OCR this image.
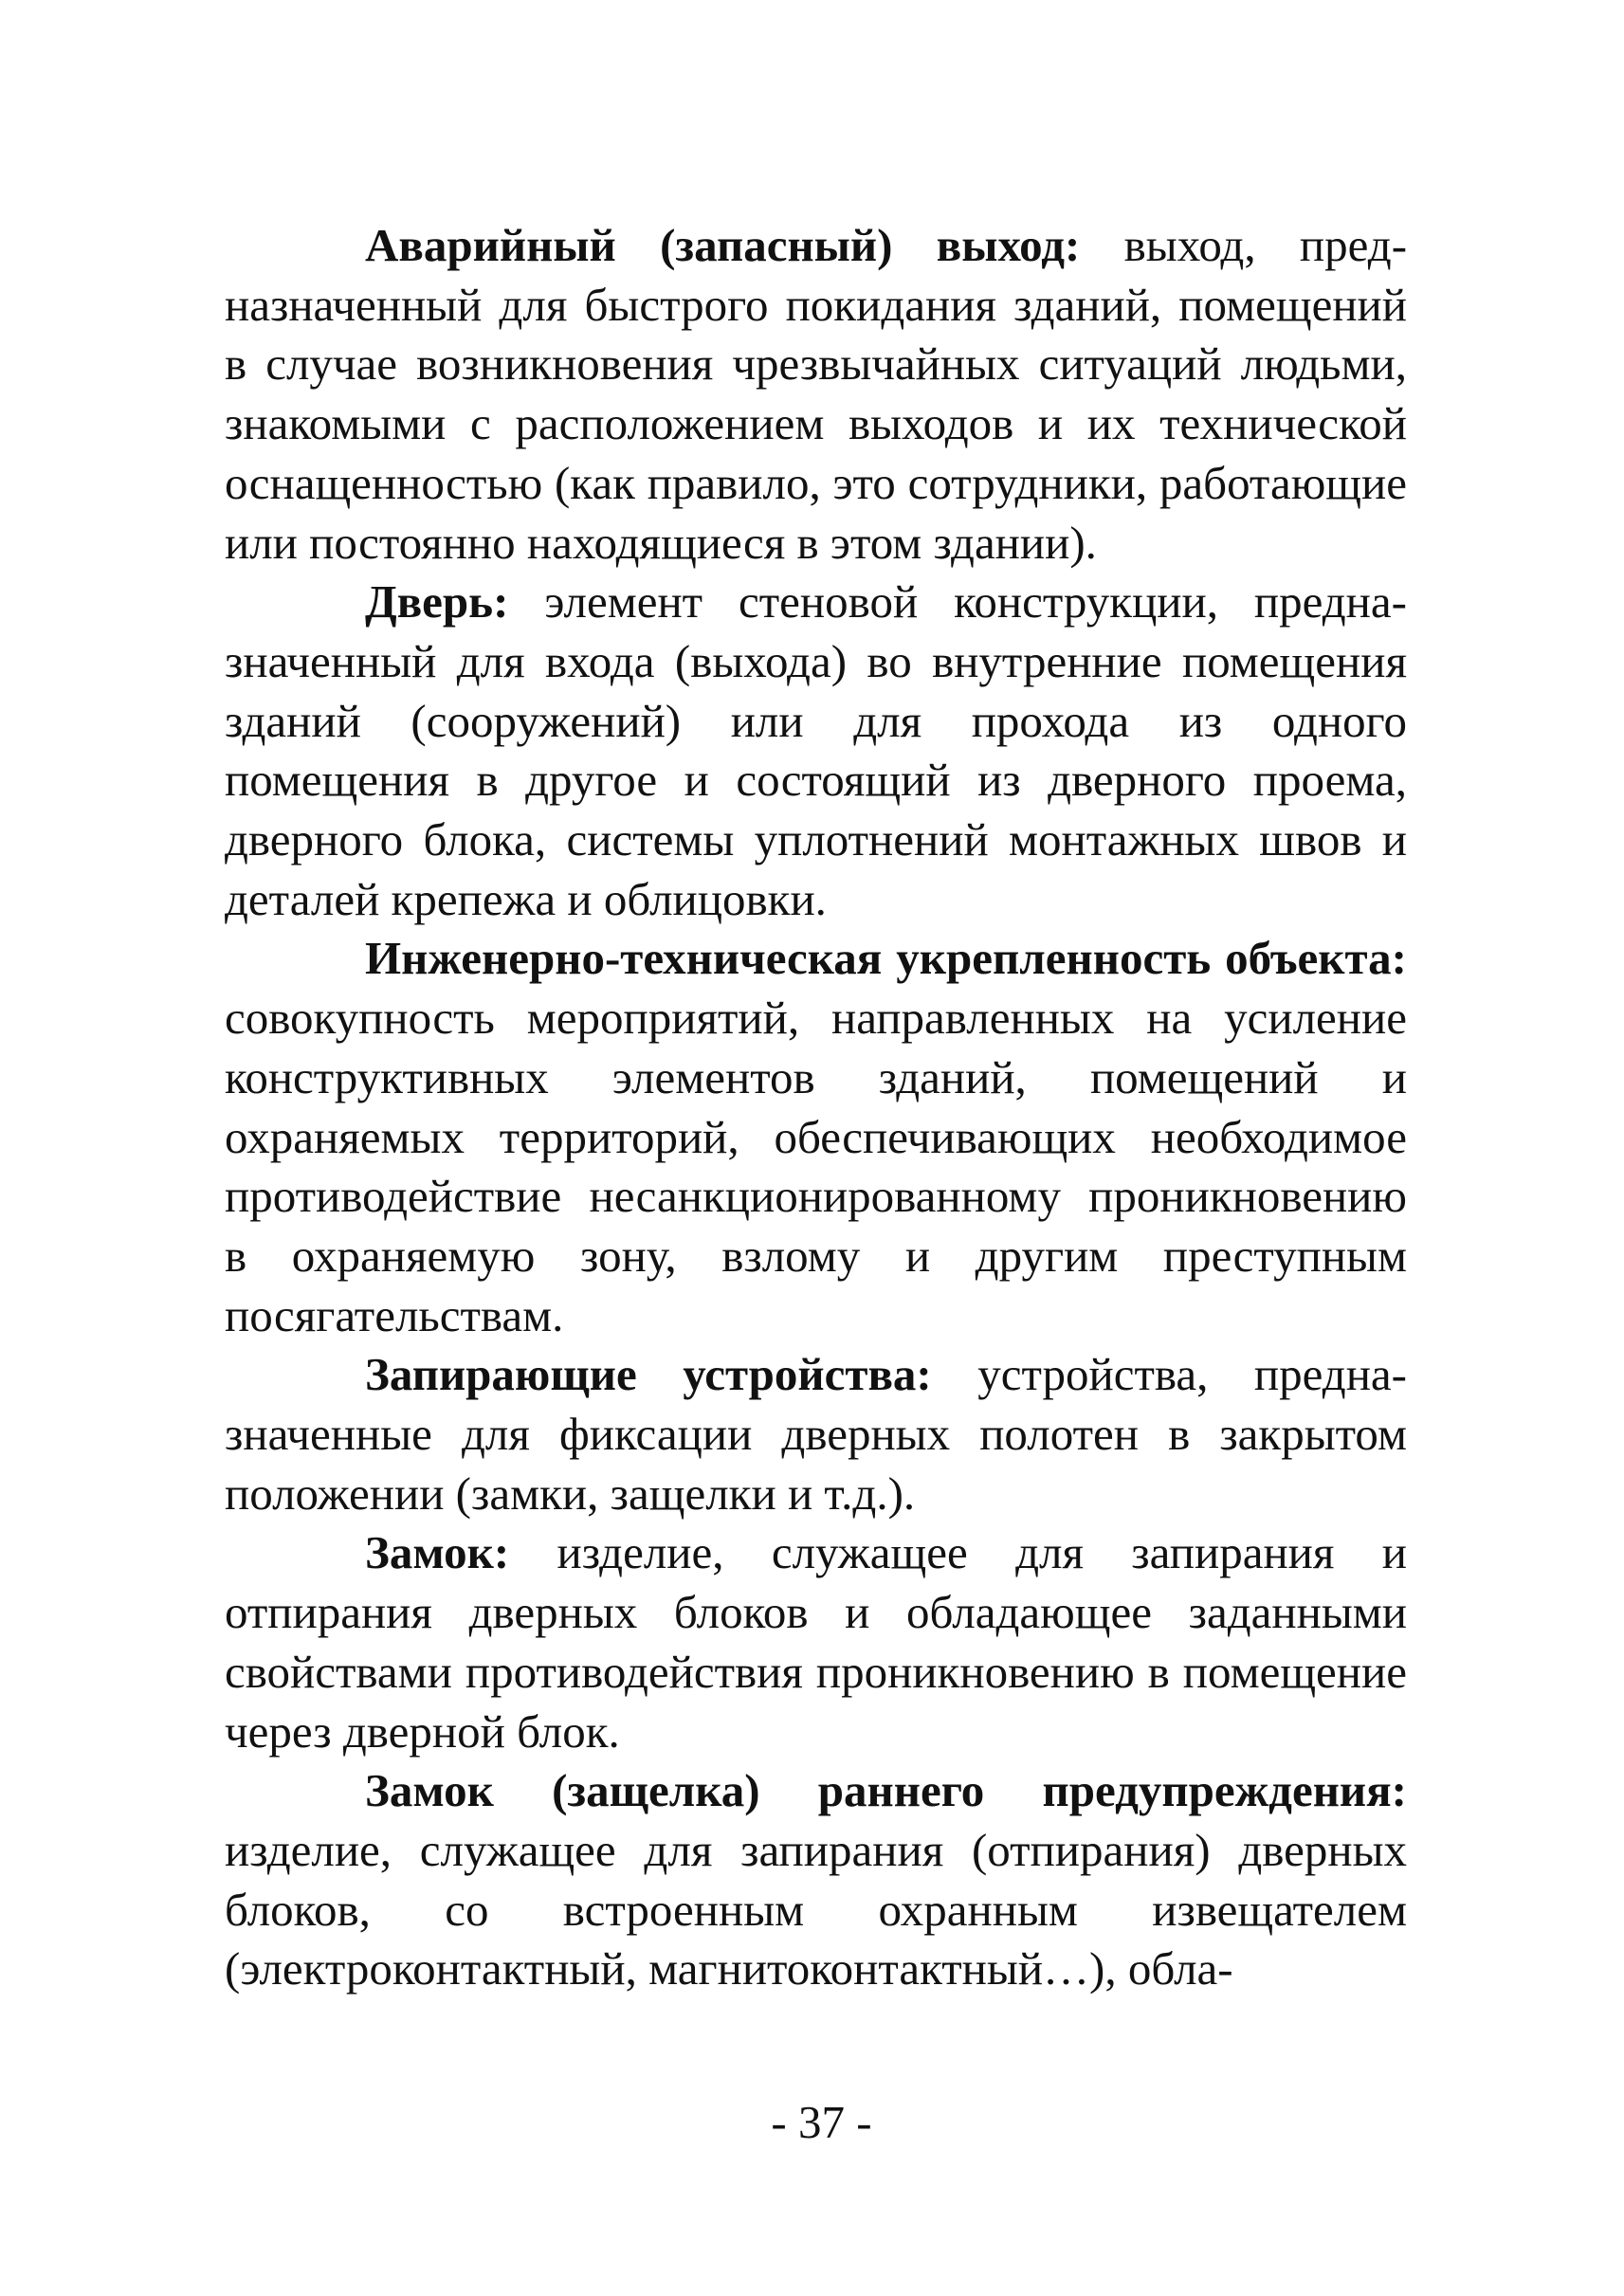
Аварийный (запасный) выход: выход, предназначенный для быстрого покидания зданий, помещений в случае возникновения чрезвычайных ситуаций людьми, знакомыми с расположением выходов и их технической оснащенностью (как правило, это сотрудники, работающие или постоянно находящиеся в этом здании).

Дверь: элемент стеновой конструкции, предназначенный для входа (выхода) во внутренние помещения зданий (сооружений) или для прохода из одного помещения в другое и состоящий из дверного проема, дверного блока, системы уплотнений монтажных швов и деталей крепежа и облицовки.

Инженерно-техническая укрепленность объекта: совокупность мероприятий, направленных на усиление конструктивных элементов зданий, помещений и охраняемых территорий, обеспечивающих необходимое противодействие несанкционированному проникновению в охраняемую зону, взлому и другим преступным посягательствам.

Запирающие устройства: устройства, предназначенные для фиксации дверных полотен в закрытом положении (замки, защелки и т.д.).

Замок: изделие, служащее для запирания и отпирания дверных блоков и обладающее заданными свойствами противодействия проникновению в помещение через дверной блок.

Замок (защелка) раннего предупреждения: изделие, служащее для запирания (отпирания) дверных блоков, со встроенным охранным извещателем (электроконтактный, магнитоконтактный…), обла-

- 37 -
